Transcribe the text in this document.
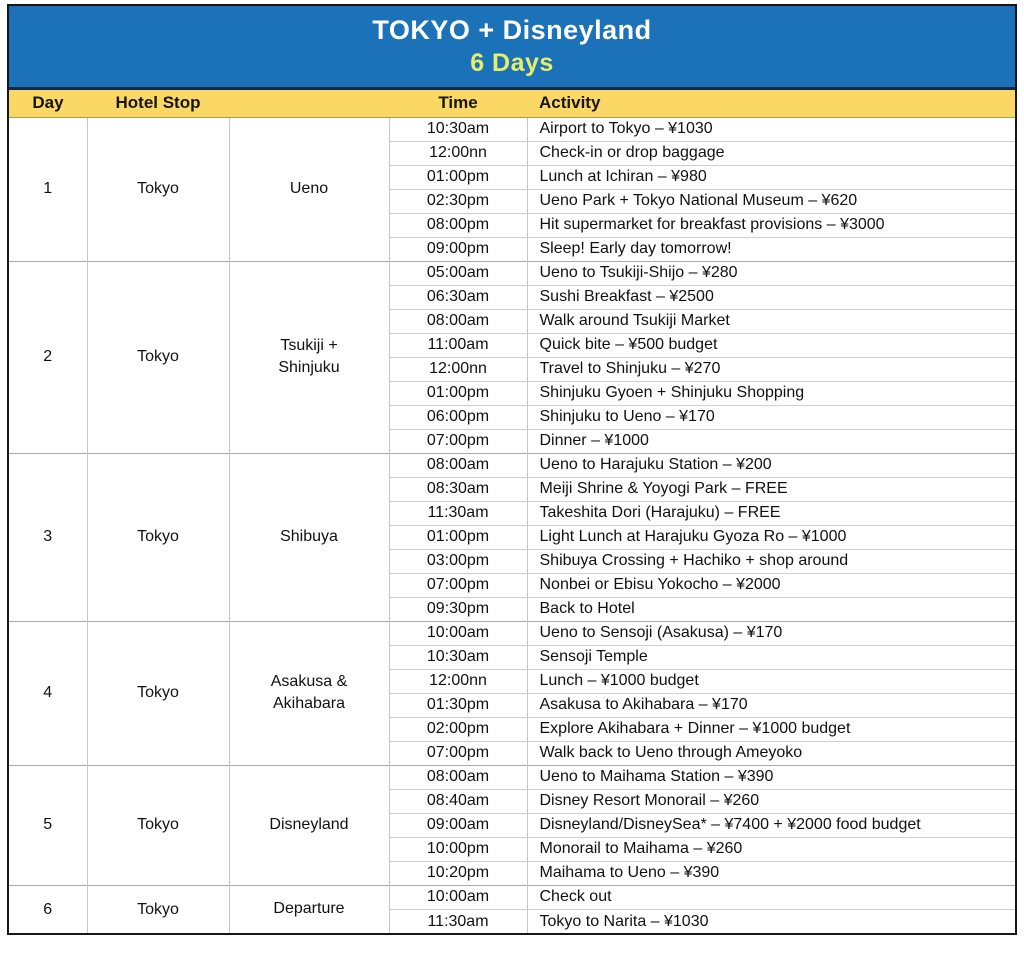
TOKYO + Disneyland
6 Days
Day	Hotel Stop		Time	Activity
1	Tokyo	Ueno	10:30am	Airport to Tokyo – ¥1030
			12:00nn	Check-in or drop baggage
			01:00pm	Lunch at Ichiran – ¥980
			02:30pm	Ueno Park + Tokyo National Museum – ¥620
			08:00pm	Hit supermarket for breakfast provisions – ¥3000
			09:00pm	Sleep! Early day tomorrow!
2	Tokyo	Tsukiji + Shinjuku	05:00am	Ueno to Tsukiji-Shijo – ¥280
			06:30am	Sushi Breakfast – ¥2500
			08:00am	Walk around Tsukiji Market
			11:00am	Quick bite – ¥500 budget
			12:00nn	Travel to Shinjuku – ¥270
			01:00pm	Shinjuku Gyoen + Shinjuku Shopping
			06:00pm	Shinjuku to Ueno – ¥170
			07:00pm	Dinner – ¥1000
3	Tokyo	Shibuya	08:00am	Ueno to Harajuku Station – ¥200
			08:30am	Meiji Shrine & Yoyogi Park – FREE
			11:30am	Takeshita Dori (Harajuku) – FREE
			01:00pm	Light Lunch at Harajuku Gyoza Ro – ¥1000
			03:00pm	Shibuya Crossing + Hachiko + shop around
			07:00pm	Nonbei or Ebisu Yokocho – ¥2000
			09:30pm	Back to Hotel
4	Tokyo	Asakusa & Akihabara	10:00am	Ueno to Sensoji (Asakusa) – ¥170
			10:30am	Sensoji Temple
			12:00nn	Lunch – ¥1000 budget
			01:30pm	Asakusa to Akihabara – ¥170
			02:00pm	Explore Akihabara + Dinner – ¥1000 budget
			07:00pm	Walk back to Ueno through Ameyoko
5	Tokyo	Disneyland	08:00am	Ueno to Maihama Station – ¥390
			08:40am	Disney Resort Monorail – ¥260
			09:00am	Disneyland/DisneySea* – ¥7400 + ¥2000 food budget
			10:00pm	Monorail to Maihama – ¥260
			10:20pm	Maihama to Ueno – ¥390
6	Tokyo	Departure	10:00am	Check out
			11:30am	Tokyo to Narita – ¥1030
